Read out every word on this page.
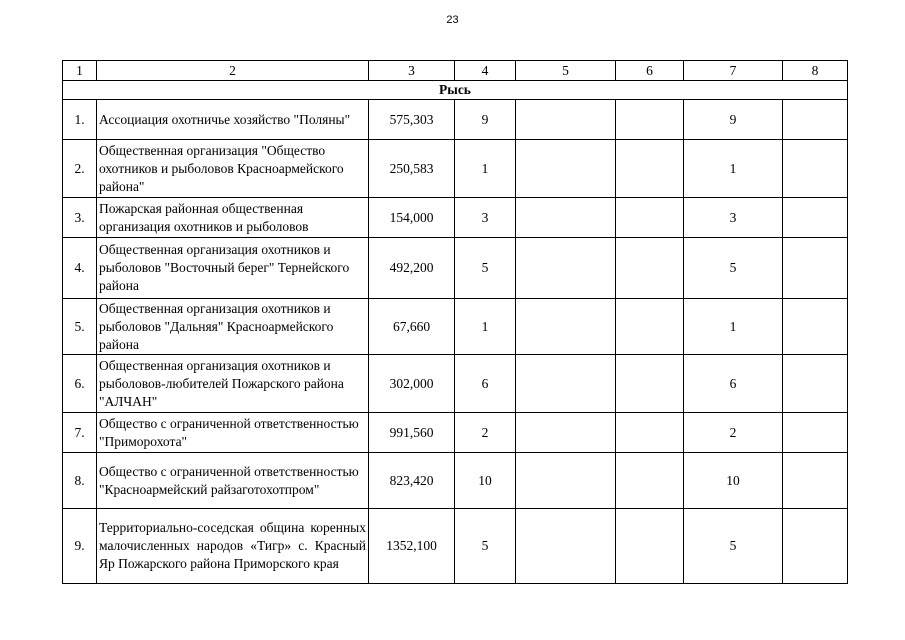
23
1	2	3	4	5	6	7	8
Рысь							
1.	Ассоциация охотничье хозяйство "Поляны"	575,303	9			9	
2.	Общественная организация "Общество охотников и рыболовов Красноармейского района"	250,583	1			1	
3.	Пожарская районная общественная организация охотников и рыболовов	154,000	3			3	
4.	Общественная организация охотников и рыболовов "Восточный берег" Тернейского района	492,200	5			5	
5.	Общественная организация охотников и рыболовов "Дальняя" Красноармейского района	67,660	1			1	
6.	Общественная организация охотников и рыболовов-любителей Пожарского района "АЛЧАН"	302,000	6			6	
7.	Общество с ограниченной ответственностью "Приморохота"	991,560	2			2	
8.	Общество с ограниченной ответственностью "Красноармейский райзаготохотпром"	823,420	10			10	
9.	Территориально-соседская община коренных малочисленных народов «Тигр» с. Красный Яр Пожарского района Приморского края	1352,100	5			5	
